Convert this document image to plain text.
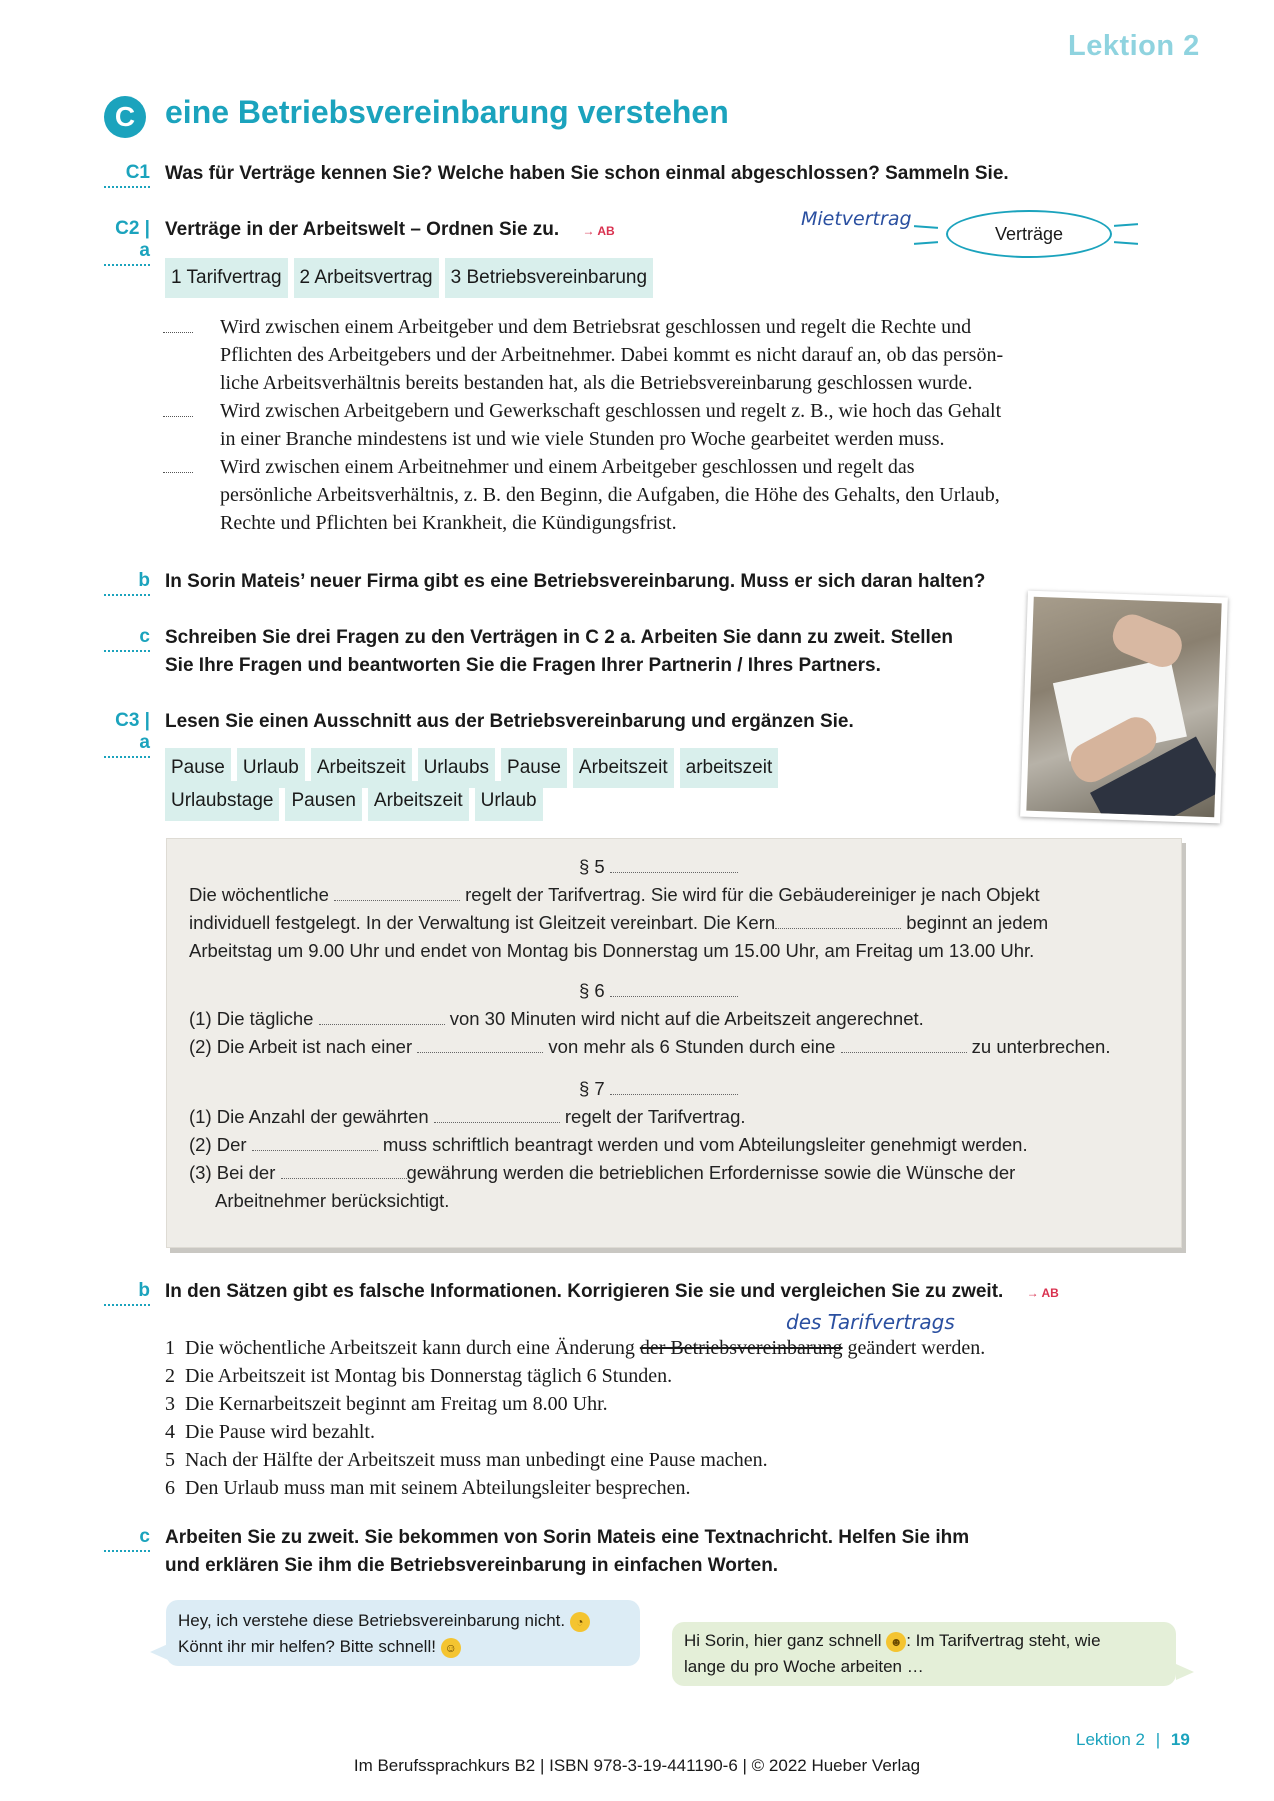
Lektion 2
C eine Betriebsvereinbarung verstehen
C1 Was für Verträge kennen Sie? Welche haben Sie schon einmal abgeschlossen? Sammeln Sie.
C2 | a
Verträge in der Arbeitswelt – Ordnen Sie zu. → AB
Mietvertrag
Verträge
1 Tarifvertrag 2 Arbeitsvertrag 3 Betriebsvereinbarung
Wird zwischen einem Arbeitgeber und dem Betriebsrat geschlossen und regelt die Rechte und
Pflichten des Arbeitgebers und der Arbeitnehmer. Dabei kommt es nicht darauf an, ob das persön-
liche Arbeitsverhältnis bereits bestanden hat, als die Betriebsvereinbarung geschlossen wurde.
Wird zwischen Arbeitgebern und Gewerkschaft geschlossen und regelt z. B., wie hoch das Gehalt
in einer Branche mindestens ist und wie viele Stunden pro Woche gearbeitet werden muss.
Wird zwischen einem Arbeitnehmer und einem Arbeitgeber geschlossen und regelt das
persönliche Arbeitsverhältnis, z. B. den Beginn, die Aufgaben, die Höhe des Gehalts, den Urlaub,
Rechte und Pflichten bei Krankheit, die Kündigungsfrist.
b In Sorin Mateis’ neuer Firma gibt es eine Betriebsvereinbarung. Muss er sich daran halten?
c Schreiben Sie drei Fragen zu den Verträgen in C 2 a. Arbeiten Sie dann zu zweit. Stellen
Sie Ihre Fragen und beantworten Sie die Fragen Ihrer Partnerin / Ihres Partners.
C3 | a
Lesen Sie einen Ausschnitt aus der Betriebsvereinbarung und ergänzen Sie.
Pause Urlaub Arbeitszeit Urlaubs Pause Arbeitszeit arbeitszeit
Urlaubstage Pausen Arbeitszeit Urlaub
§ 5
Die wöchentliche	regelt der Tarifvertrag. Sie wird für die Gebäudereiniger je nach Objekt
individuell festgelegt. In der Verwaltung ist Gleitzeit vereinbart. Die Kern	beginnt an jedem
Arbeitstag um 9.00 Uhr und endet von Montag bis Donnerstag um 15.00 Uhr, am Freitag um 13.00 Uhr.
§ 6
(1) Die tägliche	von 30 Minuten wird nicht auf die Arbeitszeit angerechnet.
(2) Die Arbeit ist nach einer	von mehr als 6 Stunden durch eine	zu unterbrechen.
§ 7
(1) Die Anzahl der gewährten	regelt der Tarifvertrag.
(2) Der	muss schriftlich beantragt werden und vom Abteilungsleiter genehmigt werden.
(3) Bei der	gewährung werden die betrieblichen Erfordernisse sowie die Wünsche der
Arbeitnehmer berücksichtigt.
b In den Sätzen gibt es falsche Informationen. Korrigieren Sie sie und vergleichen Sie zu zweit. → AB
des Tarifvertrags
1 Die wöchentliche Arbeitszeit kann durch eine Änderung der Betriebsvereinbarung geändert werden.
2 Die Arbeitszeit ist Montag bis Donnerstag täglich 6 Stunden.
3 Die Kernarbeitszeit beginnt am Freitag um 8.00 Uhr.
4 Die Pause wird bezahlt.
5 Nach der Hälfte der Arbeitszeit muss man unbedingt eine Pause machen.
6 Den Urlaub muss man mit seinem Abteilungsleiter besprechen.
c Arbeiten Sie zu zweit. Sie bekommen von Sorin Mateis eine Textnachricht. Helfen Sie ihm
und erklären Sie ihm die Betriebsvereinbarung in einfachen Worten.
Hey, ich verstehe diese Betriebsvereinbarung nicht. ◔
Könnt ihr mir helfen? Bitte schnell! ☺	Hi Sorin, hier ganz schnell ☻ : Im Tarifvertrag steht, wie
lange du pro Woche arbeiten …
Lektion 2 | 19
Im Berufssprachkurs B2 | ISBN 978-3-19-441190-6 | © 2022 Hueber Verlag
